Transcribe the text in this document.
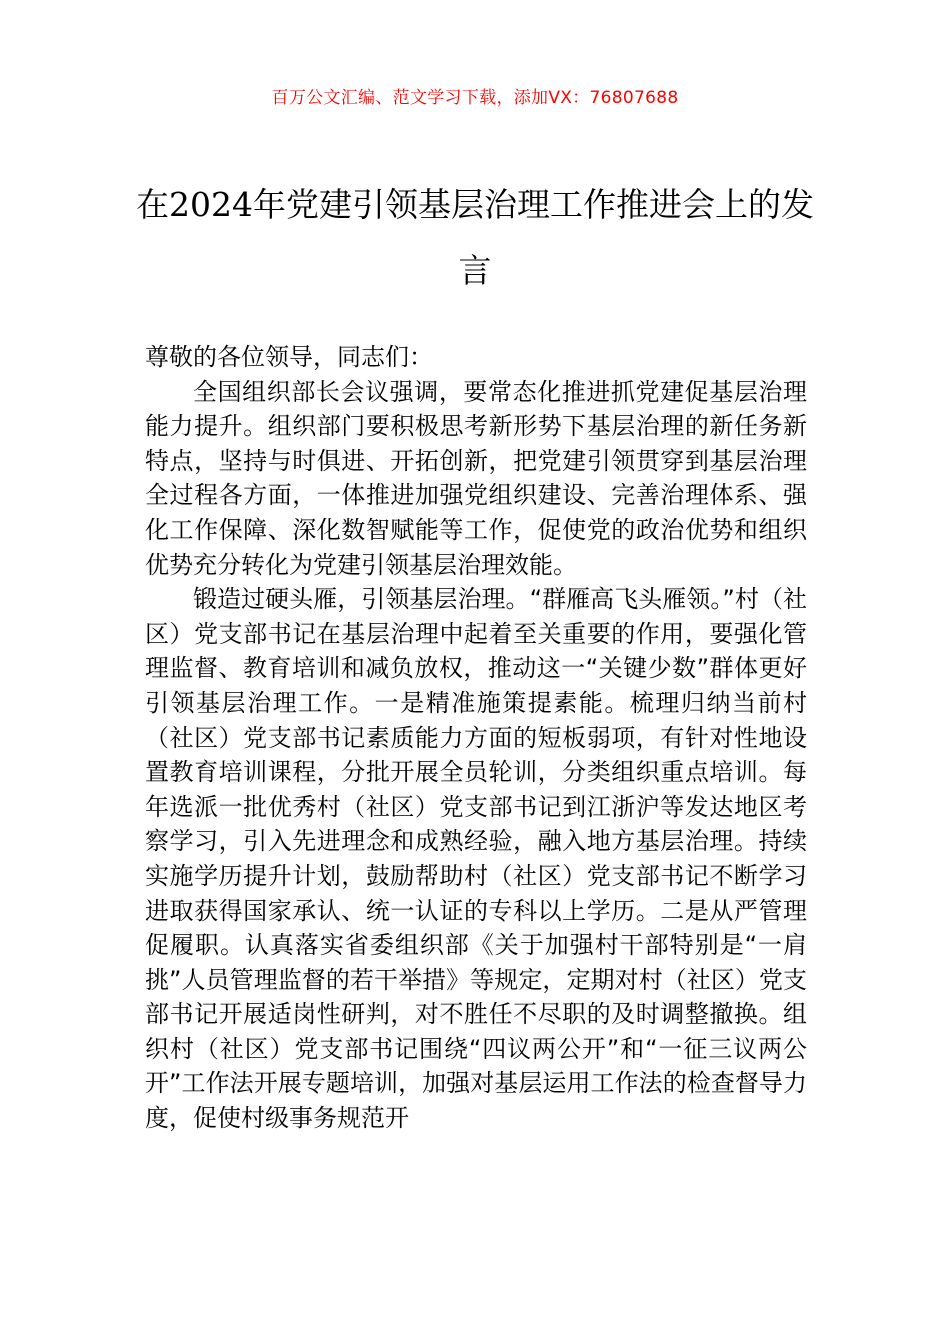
百万公文汇编、范文学习下载，添加VX：76807688
在2024年党建引领基层治理工作推进会上的发言

尊敬的各位领导，同志们：

全国组织部长会议强调，要常态化推进抓党建促基层治理能力提升。组织部门要积极思考新形势下基层治理的新任务新特点，坚持与时俱进、开拓创新，把党建引领贯穿到基层治理全过程各方面，一体推进加强党组织建设、完善治理体系、强化工作保障、深化数智赋能等工作，促使党的政治优势和组织优势充分转化为党建引领基层治理效能。

锻造过硬头雁，引领基层治理。“群雁高飞头雁领。”村（社区）党支部书记在基层治理中起着至关重要的作用，要强化管理监督、教育培训和减负放权，推动这一“关键少数”群体更好引领基层治理工作。一是精准施策提素能。梳理归纳当前村（社区）党支部书记素质能力方面的短板弱项，有针对性地设置教育培训课程，分批开展全员轮训，分类组织重点培训。每年选派一批优秀村（社区）党支部书记到江浙沪等发达地区考察学习，引入先进理念和成熟经验，融入地方基层治理。持续实施学历提升计划，鼓励帮助村（社区）党支部书记不断学习进取获得国家承认、统一认证的专科以上学历。二是从严管理促履职。认真落实省委组织部《关于加强村干部特别是“一肩挑”人员管理监督的若干举措》等规定，定期对村（社区）党支部书记开展适岗性研判，对不胜任不尽职的及时调整撤换。组织村（社区）党支部书记围绕“四议两公开”和“一征三议两公开”工作法开展专题培训，加强对基层运用工作法的检查督导力度，促使村级事务规范开
